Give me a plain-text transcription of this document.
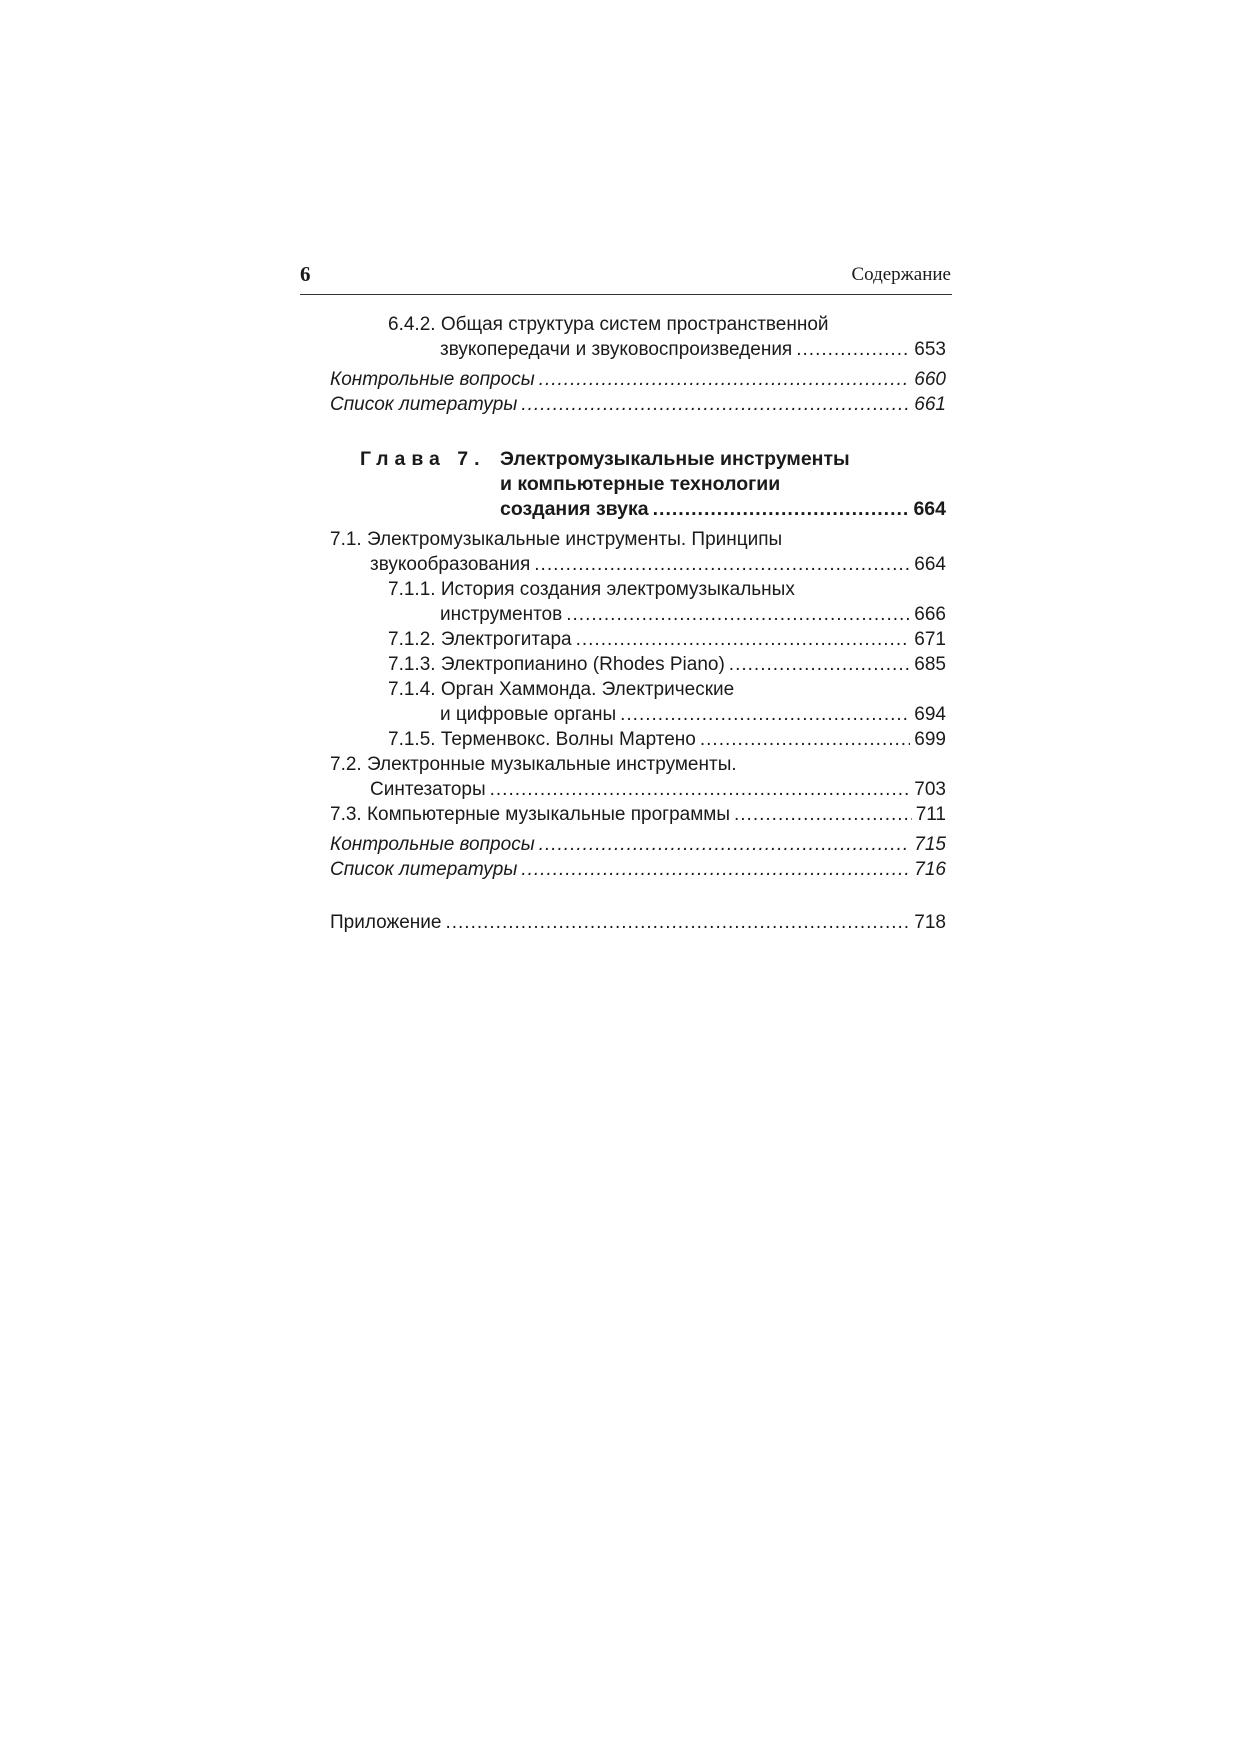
6	Содержание
6.4.2. Общая структура систем пространственной
звукопередачи и звуковоспроизведения .....	653
Контрольные вопросы .....	660
Список литературы .....	661
Глава 7. Электромузыкальные инструменты
и компьютерные технологии
создания звука .....	664
7.1. Электромузыкальные инструменты. Принципы
звукообразования .....	664
7.1.1. История создания электромузыкальных
инструментов .....	666
7.1.2. Электрогитара .....	671
7.1.3. Электропианино (Rhodes Piano) .....	685
7.1.4. Орган Хаммонда. Электрические
и цифровые органы .....	694
7.1.5. Терменвокс. Волны Мартено .....	699
7.2. Электронные музыкальные инструменты.
Синтезаторы .....	703
7.3. Компьютерные музыкальные программы .....	711
Контрольные вопросы .....	715
Список литературы .....	716
Приложение .....	718
